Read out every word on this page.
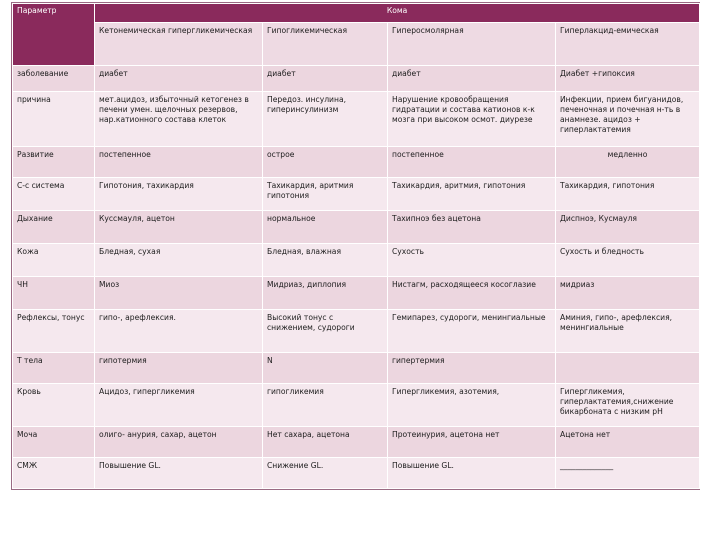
Параметр	Кома			
	Кетонемическая гипергликемическая	Гипогликемическая	Гиперосмолярная	Гиперлакцид-емическая
заболевание	диабет	диабет	диабет	Диабет +гипоксия
причина	мет.ацидоз, избыточный кетогенез в печени умен. щелочных резервов, нар.катионного состава клеток	Передоз. инсулина, гиперинсулинизм	Нарушение кровообращения гидратации и состава катионов к-к мозга при высоком осмот. диурезе	Инфекции, прием бигуанидов, печеночная и почечная н-ть в анамнезе. ацидоз + гиперлактатемия
Развитие	постепенное	острое	постепенное	медленно
С-с система	Гипотония, тахикардия	Тахикардия, аритмия гипотония	Тахикардия, аритмия, гипотония	Тахикардия, гипотония
Дыхание	Куссмауля, ацетон	нормальное	Тахипноэ без ацетона	Диспноэ, Кусмауля
Кожа	Бледная, сухая	Бледная, влажная	Сухость	Сухость и бледность
ЧН	Миоз	Мидриаз, диплопия	Нистагм, расходящееся косоглазие	мидриаз
Рефлексы, тонус	гипо-, арефлексия.	Высокий тонус с снижением, судороги	Гемипарез, судороги, менингиальные	Аминия, гипо-, арефлексия, менингиальные
Т тела	гипотермия	N	гипертермия	
Кровь	Ацидоз, гипергликемия	гипогликемия	Гипергликемия, азотемия,	Гипергликемия, гиперлактатемия,снижение бикарбоната с низким рН
Моча	олиго- анурия, сахар, ацетон	Нет сахара, ацетона	Протеинурия, ацетона нет	Ацетона нет
СМЖ	Повышение GL.	Снижение GL.	Повышение GL.	______________
